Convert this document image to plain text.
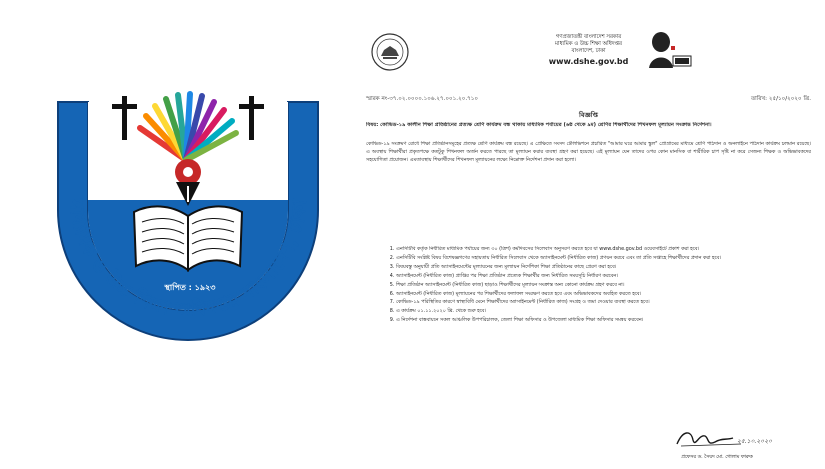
মাধ্যমিক ও উচ্চ শিক্ষা অধিদপ্তর বাংলাদেশ, ঢাকা
স্থাপিত : ১৯২৩
গণপ্রজাতন্ত্রী বাংলাদেশ সরকার
মাধ্যমিক ও উচ্চ শিক্ষা অধিদপ্তর
বাংলাদেশ, ঢাকা
www.dshe.gov.bd
স্মারক নং-৩৭.০২.০০০০.১০৬.২৭.০০১.২০.৭১০	তারিখ: ২৫/১০/২০২০ খ্রি.
বিজ্ঞপ্তি
বিষয়: কোভিড-১৯ কালীন শিক্ষা প্রতিষ্ঠানের প্রত্যক্ষ শ্রেণি কার্যক্রম বন্ধ থাকায় মাধ্যমিক পর্যায়ের (৬ষ্ঠ থেকে ৯ম) শ্রেণির শিক্ষার্থীদের শিখনফল মূল্যায়ন সংক্রান্ত নির্দেশনা।
কোভিড-১৯ সংক্রমণ রোধে শিক্ষা প্রতিষ্ঠানসমূহের প্রত্যক্ষ শ্রেণি কার্যক্রম বন্ধ রয়েছে। এ প্রেক্ষিতে সংসদ টেলিভিশনে প্রচারিত "আমার ঘরে আমার স্কুল" প্রোগ্রামের মাধ্যমে শ্রেণি পাঠদান ও অনলাইনে পাঠদান কার্যক্রম চলমান রয়েছে। এ অবস্থায় শিক্ষার্থীরা প্রকৃতপক্ষে কতটুকু শিখনফল অর্জন করতে পারছে তা মূল্যায়ন করার ব্যবস্থা গ্রহণ করা হয়েছে। এই মূল্যায়ন যেন তাদের ওপর কোন মানসিক বা শারীরিক চাপ সৃষ্টি না করে সেজন্য শিক্ষক ও অভিভাবকদের সহযোগিতা প্রয়োজন। এমতাবস্থায় শিক্ষার্থীদের শিখনফল মূল্যায়নের লক্ষ্যে নিম্নোক্ত নির্দেশনা প্রদান করা হলো।
1. এনসিটিবি কর্তৃক নির্ধারিত মাধ্যমিক পর্যায়ের জন্য ৩০ (ত্রিশ) কর্মদিবসের সিলেবাস অনুসরণ করতে হবে যা www.dshe.gov.bd ওয়েবসাইটে প্রকাশ করা হবে।
2. এনসিটিবি সংশ্লিষ্ট বিষয় বিশেষজ্ঞগণের সহায়তায় নির্ধারিত সিলেবাস থেকে অ্যাসাইনমেন্ট (নির্ধারিত কাজ) প্রণয়ন করবে এবং তা প্রতি সপ্তাহে শিক্ষার্থীদের প্রদান করা হবে।
3. বিষয়বস্তু অনুযায়ী প্রতি অ্যাসাইনমেন্টের মূল্যায়নের জন্য মূল্যায়ন নির্দেশিকা শিক্ষা প্রতিষ্ঠানের কাছে প্রেরণ করা হবে।
4. অ্যাসাইনমেন্ট (নির্ধারিত কাজ) প্রাপ্তির পর শিক্ষা প্রতিষ্ঠান প্রত্যেক শিক্ষার্থীর জন্য নির্ধারিত সময়সূচি নির্ধারণ করবেন।
5. শিক্ষা প্রতিষ্ঠান অ্যাসাইনমেন্ট (নির্ধারিত কাজ) ছাড়াও শিক্ষার্থীদের মূল্যায়ন সংক্রান্ত অন্য কোনো কার্যক্রম গ্রহণ করবে না।
6. অ্যাসাইনমেন্ট (নির্ধারিত কাজ) মূল্যায়নের পর শিক্ষার্থীদের ফলাফল সংরক্ষণ করতে হবে এবং অভিভাবকদের অবহিত করতে হবে।
7. কোভিড-১৯ পরিস্থিতির কারণে স্বাস্থ্যবিধি মেনে শিক্ষার্থীদের অ্যাসাইনমেন্ট (নির্ধারিত কাজ) সংগ্রহ ও জমা দেওয়ার ব্যবস্থা করতে হবে।
8. এ কার্যক্রম ০১.১১.২০২০ খ্রি. থেকে শুরু হবে।
9. এ নির্দেশনা বাস্তবায়নে সকল আঞ্চলিক উপপরিচালক, জেলা শিক্ষা অফিসার ও উপজেলা মাধ্যমিক শিক্ষা অফিসার সমন্বয় করবেন।
২৫.১০.২০২০
প্রফেসর ড. সৈয়দ মো. গোলাম ফারুক
